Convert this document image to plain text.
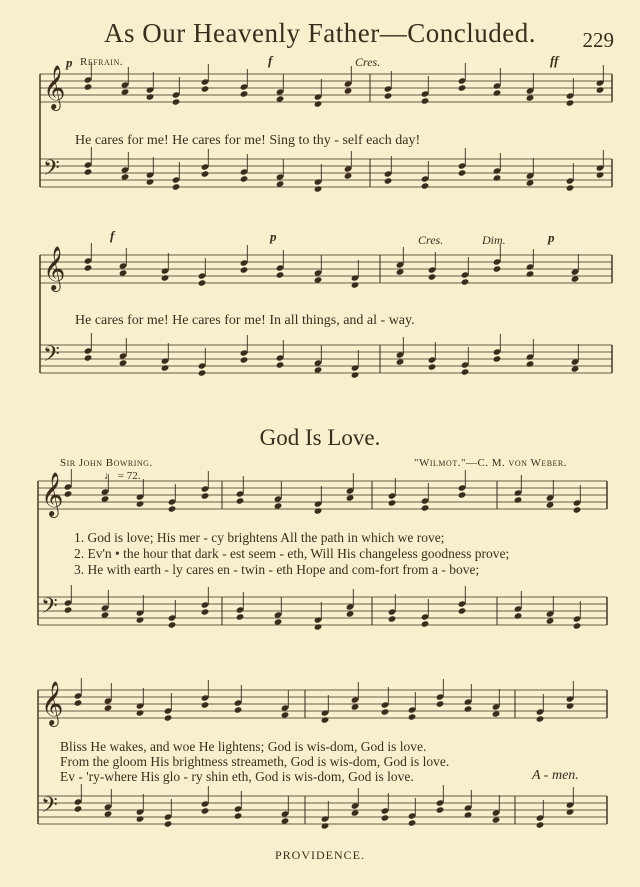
As Our Heavenly Father—Concluded.	229
𝄞
𝄢
𝄞
𝄢
𝄞
𝄢
𝄞
𝄢
p Refrain.	f	Cres.	ff
He cares for me! He cares for me! Sing to thy - self each day!
f	p	Cres.	Dim.	p
He cares for me! He cares for me! In all things, and al - way.
God Is Love.
Sir John Bowring.	"Wilmot."—C. M. von Weber.
♩ = 72.
1. God is love; His mer - cy brightens All the path in which we rove;
2. Ev'n • the hour that dark - est seem - eth, Will His changeless goodness prove;
3. He with earth - ly cares en - twin - eth Hope and com-fort from a - bove;
Bliss He wakes, and woe He lightens; God is wis-dom, God is love.
From the gloom His brightness streameth, God is wis-dom, God is love.
Ev - 'ry-where His glo - ry shin eth, God is wis-dom, God is love.	A - men.
PROVIDENCE.
